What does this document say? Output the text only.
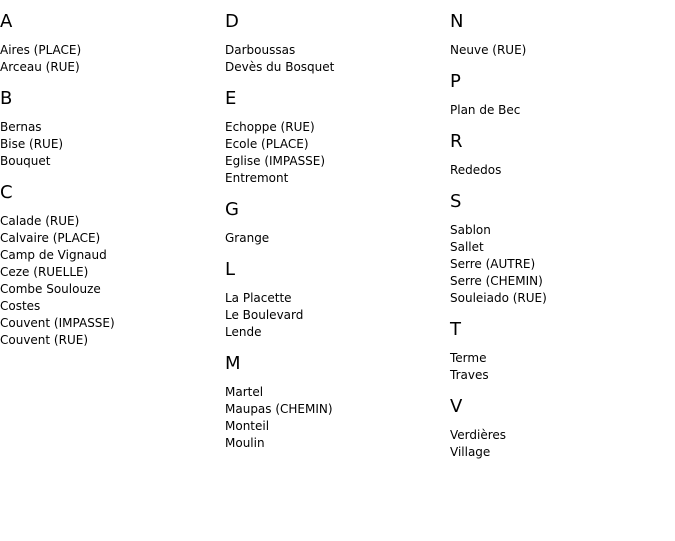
A
Aires (PLACE)
Arceau (RUE)
B
Bernas
Bise (RUE)
Bouquet
C
Calade (RUE)
Calvaire (PLACE)
Camp de Vignaud
Ceze (RUELLE)
Combe Soulouze
Costes
Couvent (IMPASSE)
Couvent (RUE)
D
Darboussas
Devès du Bosquet
E
Echoppe (RUE)
Ecole (PLACE)
Eglise (IMPASSE)
Entremont
G
Grange
L
La Placette
Le Boulevard
Lende
M
Martel
Maupas (CHEMIN)
Monteil
Moulin
N
Neuve (RUE)
P
Plan de Bec
R
Rededos
S
Sablon
Sallet
Serre (AUTRE)
Serre (CHEMIN)
Souleiado (RUE)
T
Terme
Traves
V
Verdières
Village
